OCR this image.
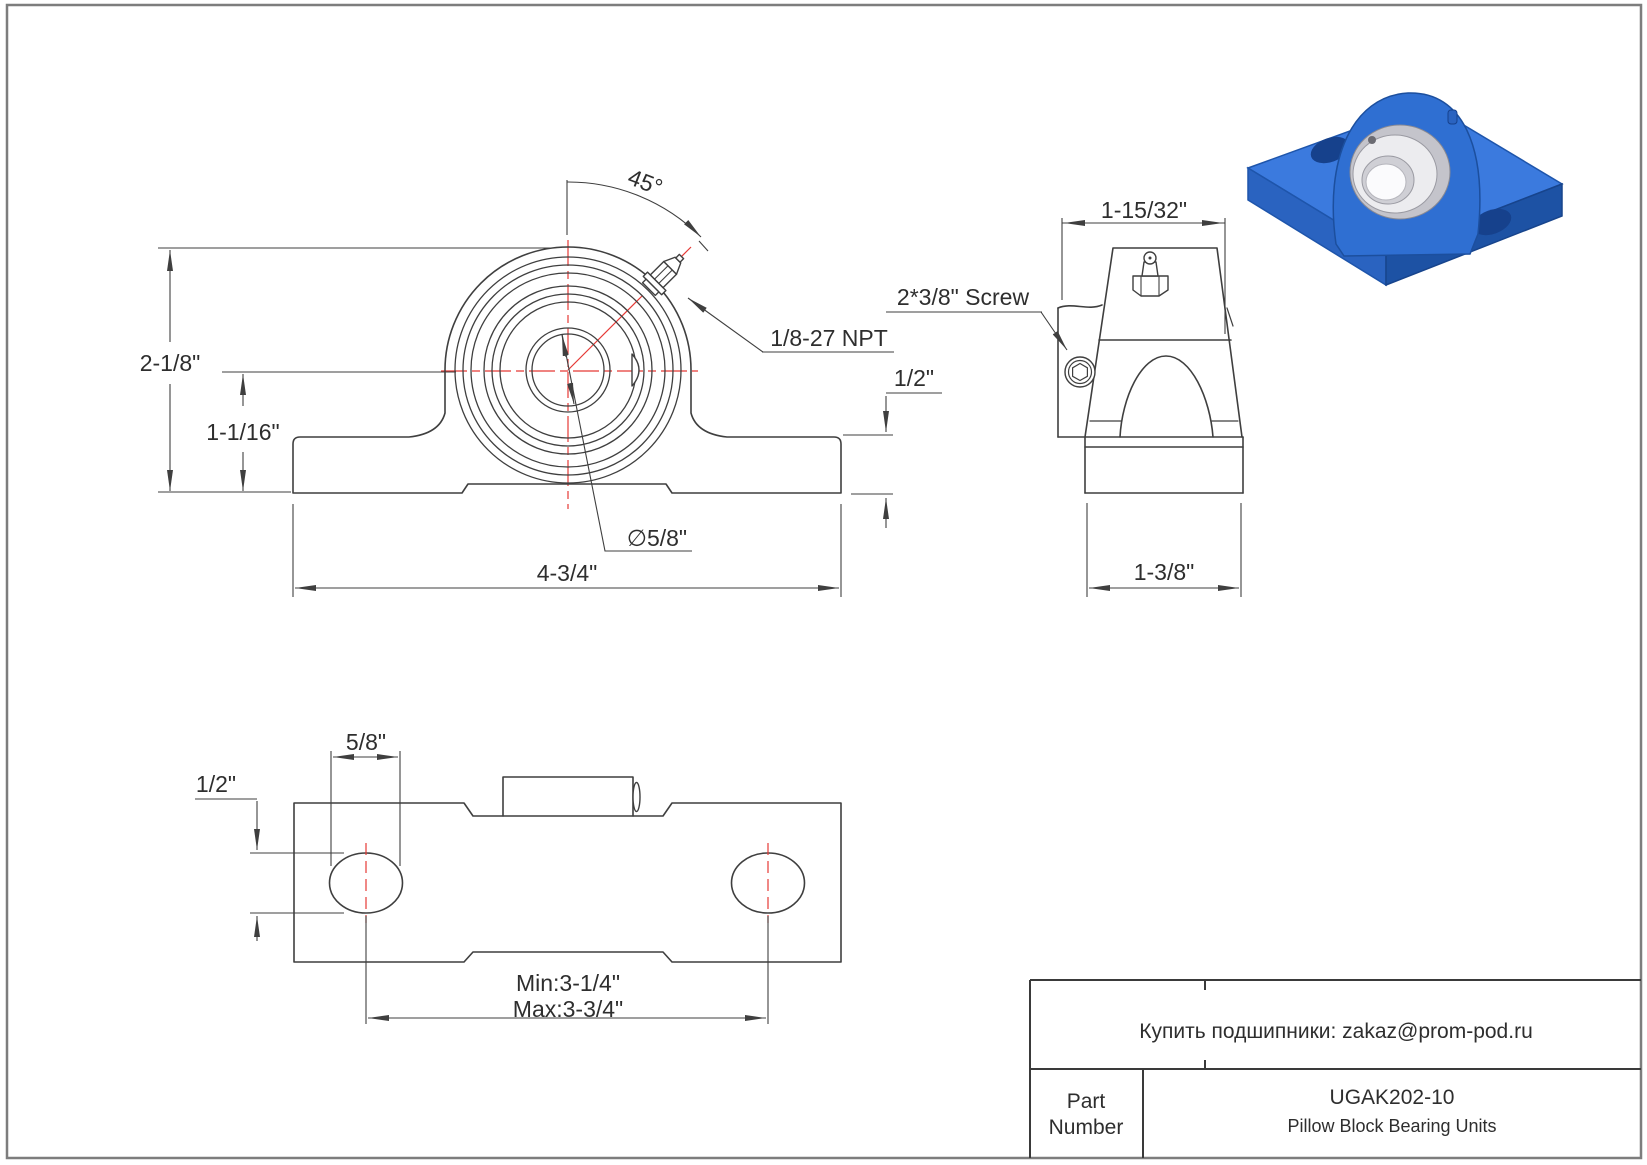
2-1/8"
1-1/16"
45°
1/8-27 NPT
∅5/8"
4-3/4"
1/2"
1-15/32"
2*3/8" Screw
1-3/8"
5/8"
1/2"
Min:3-1/4"
Max:3-3/4"
Купить подшипники: zakaz@prom-pod.ru
Part
Number
UGAK202-10
Pillow Block Bearing Units
